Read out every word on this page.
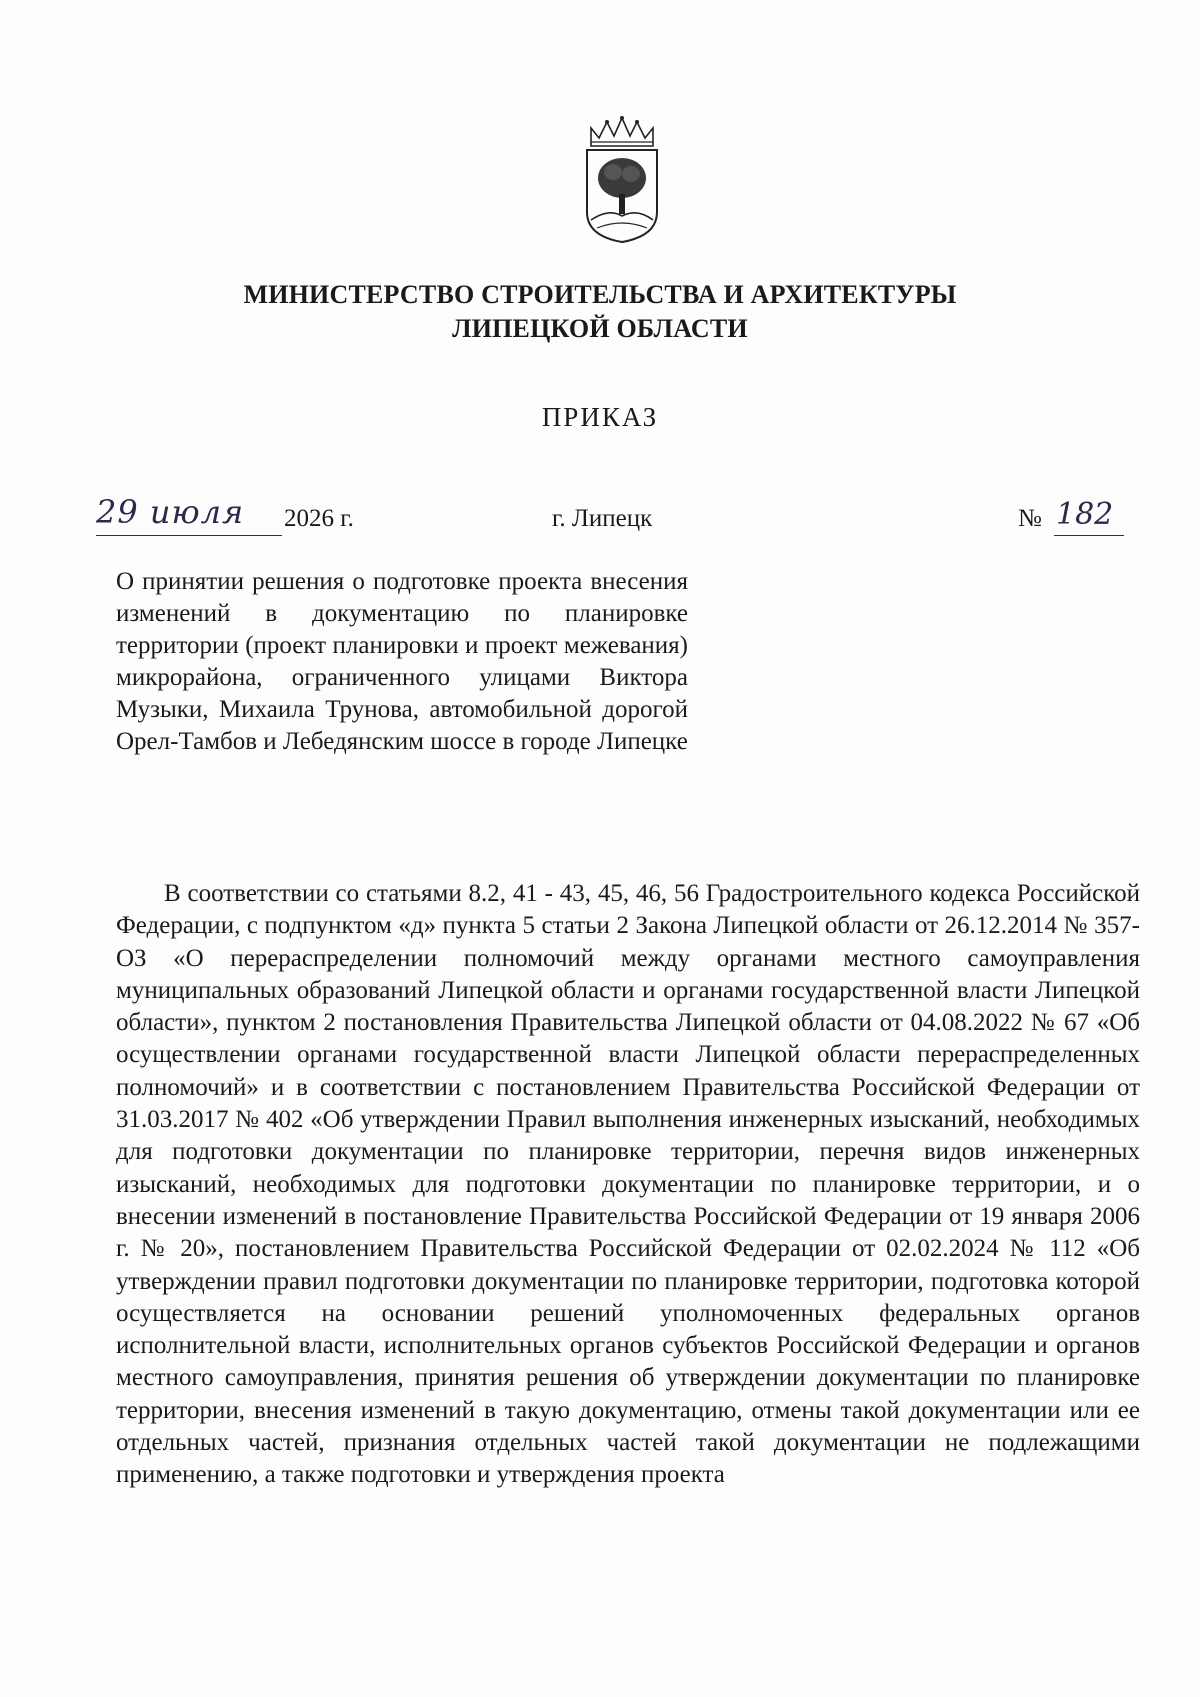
МИНИСТЕРСТВО СТРОИТЕЛЬСТВА И АРХИТЕКТУРЫ
ЛИПЕЦКОЙ ОБЛАСТИ
ПРИКАЗ
29 июля 2026 г.	г. Липецк	№ 182
О принятии решения о подготовке проекта внесения изменений в документацию по планировке территории (проект планировки и проект межевания) микрорайона, ограниченного улицами Виктора Музыки, Михаила Трунова, автомобильной дорогой Орел-Тамбов и Лебедянским шоссе в городе Липецке
В соответствии со статьями 8.2, 41 - 43, 45, 46, 56 Градостроительного кодекса Российской Федерации, с подпунктом «д» пункта 5 статьи 2 Закона Липецкой области от 26.12.2014 № 357-ОЗ «О перераспределении полномочий между органами местного самоуправления муниципальных образований Липецкой области и органами государственной власти Липецкой области», пунктом 2 постановления Правительства Липецкой области от 04.08.2022 № 67 «Об осуществлении органами государственной власти Липецкой области перераспределенных полномочий» и в соответствии с постановлением Правительства Российской Федерации от 31.03.2017 № 402 «Об утверждении Правил выполнения инженерных изысканий, необходимых для подготовки документации по планировке территории, перечня видов инженерных изысканий, необходимых для подготовки документации по планировке территории, и о внесении изменений в постановление Правительства Российской Федерации от 19 января 2006 г. № 20», постановлением Правительства Российской Федерации от 02.02.2024 № 112 «Об утверждении правил подготовки документации по планировке территории, подготовка которой осуществляется на основании решений уполномоченных федеральных органов исполнительной власти, исполнительных органов субъектов Российской Федерации и органов местного самоуправления, принятия решения об утверждении документации по планировке территории, внесения изменений в такую документацию, отмены такой документации или ее отдельных частей, признания отдельных частей такой документации не подлежащими применению, а также подготовки и утверждения проекта
